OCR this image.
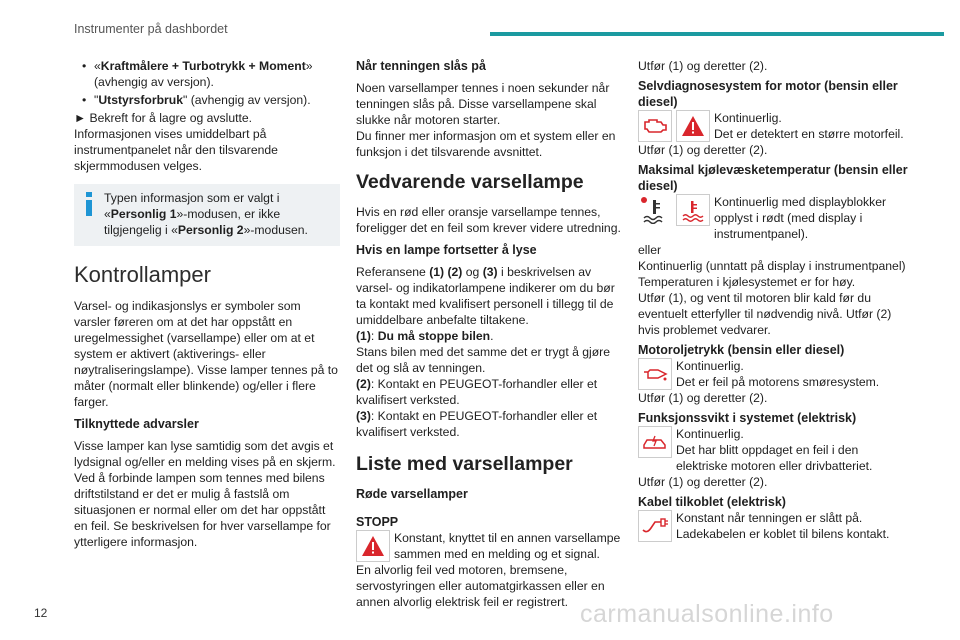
Instrumenter på dashbordet
• «Kraftmålere + Turbotrykk + Moment» (avhengig av versjon).
• "Utstyrsforbruk" (avhengig av versjon).

► Bekreft for å lagre og avslutte.

Informasjonen vises umiddelbart på instrumentpanelet når den tilsvarende skjermmodusen velges.

Typen informasjon som er valgt i «Personlig 1»-modusen, er ikke tilgjengelig i «Personlig 2»-modusen.
Kontrollamper

Varsel- og indikasjonslys er symboler som varsler føreren om at det har oppstått en uregelmessighet (varsellampe) eller om at et system er aktivert (aktiverings- eller nøytraliseringslampe). Visse lamper tennes på to måter (normalt eller blinkende) og/eller i flere farger.

Tilknyttede advarsler

Visse lamper kan lyse samtidig som det avgis et lydsignal og/eller en melding vises på en skjerm. Ved å forbinde lampen som tennes med bilens driftstilstand er det er mulig å fastslå om situasjonen er normal eller om det har oppstått en feil. Se beskrivelsen for hver varsellampe for ytterligere informasjon.

Når tenningen slås på

Noen varsellamper tennes i noen sekunder når tenningen slås på. Disse varsellampene skal slukke når motoren starter.

Du finner mer informasjon om et system eller en funksjon i det tilsvarende avsnittet.

Vedvarende varsellampe

Hvis en rød eller oransje varsellampe tennes, foreligger det en feil som krever videre utredning.

Hvis en lampe fortsetter å lyse

Referansene (1) (2) og (3) i beskrivelsen av varsel- og indikatorlampene indikerer om du bør ta kontakt med kvalifisert personell i tillegg til de umiddelbare anbefalte tiltakene.

(1): Du må stoppe bilen.

Stans bilen med det samme det er trygt å gjøre det og slå av tenningen.

(2): Kontakt en PEUGEOT-forhandler eller et kvalifisert verksted.

(3): Kontakt en PEUGEOT-forhandler eller et kvalifisert verksted.

Liste med varsellamper
Røde varsellamper
STOPP
Konstant, knyttet til en annen varsellampe sammen med en melding og et signal.

En alvorlig feil ved motoren, bremsene, servostyringen eller automatgirkassen eller en annen alvorlig elektrisk feil er registrert.

Utfør (1) og deretter (2).

Selvdiagnosesystem for motor (bensin eller diesel)
Kontinuerlig.
Det er detektert en større motorfeil.

Utfør (1) og deretter (2).

Maksimal kjølevæsketemperatur (bensin eller diesel)
Kontinuerlig med displayblokker opplyst i rødt (med display i instrumentpanel).

eller

Kontinuerlig (unntatt på display i instrumentpanel)

Temperaturen i kjølesystemet er for høy.

Utfør (1), og vent til motoren blir kald før du eventuelt etterfyller til nødvendig nivå. Utfør (2) hvis problemet vedvarer.

Motoroljetrykk (bensin eller diesel)
Kontinuerlig.
Det er feil på motorens smøresystem.

Utfør (1) og deretter (2).

Funksjonssvikt i systemet (elektrisk)
Kontinuerlig.
Det har blitt oppdaget en feil i den elektriske motoren eller drivbatteriet.

Utfør (1) og deretter (2).

Kabel tilkoblet (elektrisk)
Konstant når tenningen er slått på.
Ladekabelen er koblet til bilens kontakt.
12	carmanualsonline.info
